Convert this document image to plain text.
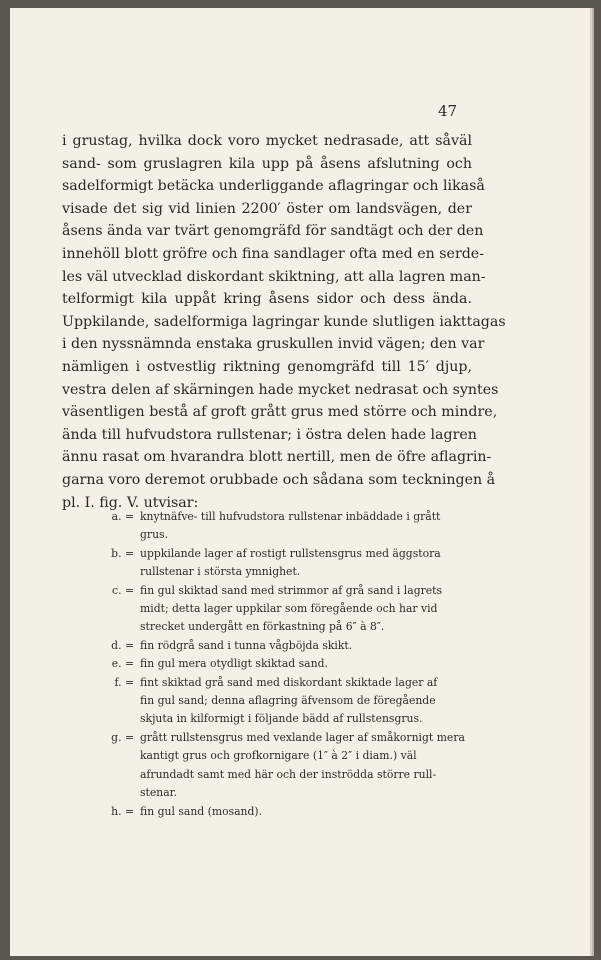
47
i grustag, hvilka dock voro mycket nedrasade, att såväl
sand- som gruslagren kila upp på åsens afslutning och
sadelformigt betäcka underliggande aflagringar och likaså
visade det sig vid linien 2200′ öster om landsvägen, der
åsens ända var tvärt genomgräfd för sandtägt och der den
innehöll blott gröfre och fina sandlager ofta med en serde-
les väl utvecklad diskordant skiktning, att alla lagren man-
telformigt kila uppåt kring åsens sidor och dess ända.
Uppkilande, sadelformiga lagringar kunde slutligen iakttagas
i den nyssnämnda enstaka gruskullen invid vägen; den var
nämligen i ostvestlig riktning genomgräfd till 15′ djup,
vestra delen af skärningen hade mycket nedrasat och syntes
väsentligen bestå af groft grått grus med större och mindre,
ända till hufvudstora rullstenar; i östra delen hade lagren
ännu rasat om hvarandra blott nertill, men de öfre aflagrin-
garna voro deremot orubbade och sådana som teckningen å
pl. I. fig. V. utvisar:
a. = knytnäfve- till hufvudstora rullstenar inbäddade i grått
grus.
b. = uppkilande lager af rostigt rullstensgrus med äggstora
rullstenar i största ymnighet.
c. = fin gul skiktad sand med strimmor af grå sand i lagrets
midt; detta lager uppkilar som föregående och har vid
strecket undergått en förkastning på 6″ à 8″.
d. = fin rödgrå sand i tunna vågböjda skikt.
e. = fin gul mera otydligt skiktad sand.
f. = fint skiktad grå sand med diskordant skiktade lager af
fin gul sand; denna aflagring äfvensom de föregående
skjuta in kilformigt i följande bädd af rullstensgrus.
g. = grått rullstensgrus med vexlande lager af småkornigt mera
kantigt grus och grofkornigare (1″ à 2″ i diam.) väl
afrundadt samt med här och der inströdda större rull-
stenar.
h. = fin gul sand (mosand).
